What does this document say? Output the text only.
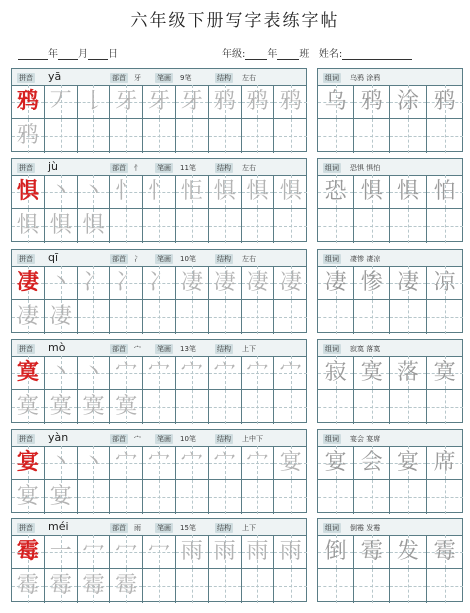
六年级下册写字表练字帖
年 月 日	年级: 年 班 姓名:
拼音 yā	部首 牙 笔画 9笔	结构 左右
鸦 丆 𠄌 牙 牙 牙 鸦 鸦 鸦
鸦
组词 乌鸦 涂鸦
乌 鸦 涂 鸦
拼音 jù	部首 忄 笔画 11笔	结构 左右
惧 丶 丶 忄 忄 怇 惧 惧 惧
惧 惧 惧
组词 恐惧 惧怕
恐 惧 惧 怕
拼音 qī	部首 冫 笔画 10笔	结构 左右
凄 丶 冫 冫 冫 凄 凄 凄 凄
凄 凄
组词 凄惨 凄凉
凄 惨 凄 凉
拼音 mò	部首 宀 笔画 13笔	结构 上下
寞 丶 丶 宀 宀 宀 宀 宀 宀
寞 寞 寞 寞
组词 寂寞 落寞
寂 寞 落 寞
拼音 yàn	部首 宀 笔画 10笔	结构 上中下
宴 丶 丶 宀 宀 宀 宀 宀 宴
宴 宴
组词 宴会 宴席
宴 会 宴 席
拼音 méi	部首 雨 笔画 15笔	结构 上下
霉 一 冖 冖 冖 雨 雨 雨 雨
霉 霉 霉 霉
组词 倒霉 发霉
倒 霉 发 霉
